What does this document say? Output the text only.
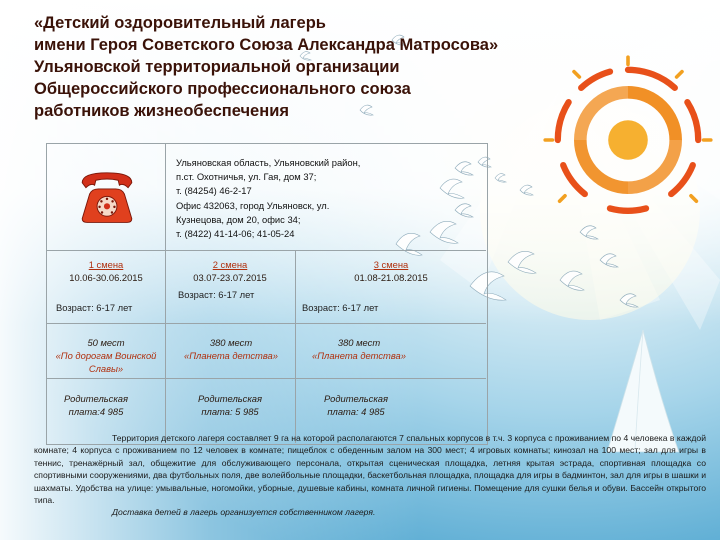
«Детский оздоровительный лагерь
имени Героя Советского Союза Александра Матросова»
Ульяновской территориальной организации
Общероссийского профессионального союза
работников жизнеобеспечения
Ульяновская область, Ульяновский район,
п.ст. Охотничья, ул. Гая, дом 37;
т. (84254) 46-2-17
Офис 432063, город Ульяновск, ул.
Кузнецова, дом 20, офис 34;
т. (8422) 41-14-06; 41-05-24
1 смена
10.06-30.06.2015
2 смена
03.07-23.07.2015
3 смена
01.08-21.08.2015
Возраст: 6-17 лет
Возраст: 6-17 лет	Возраст: 6-17 лет
50 мест
«По дорогам Воинской Славы»
380 мест
«Планета детства»
380 мест
«Планета детства»
Родительская плата:4 985
Родительская плата: 5 985
Родительская плата: 4 985

Территория детского лагеря составляет 9 га на которой располагаются 7 спальных корпусов в т.ч. 3 корпуса с проживанием по 4 человека в каждой комнате; 4 корпуса с проживанием по 12 человек в комнате; пищеблок с обеденным залом на 300 мест; 4 игровых комнаты; кинозал на 100 мест; зал для игры в теннис, тренажёрный зал, общежитие для обслуживающего персонала, открытая сценическая площадка, летняя крытая эстрада, спортивная площадка со спортивными сооружениями, два футбольных поля, две волейбольные площадки, баскетбольная площадка, площадка для игры в бадминтон, зал для игры в шашки и шахматы. Удобства на улице: умывальные, ногомойки, уборные, душевые кабины, комната личной гигиены. Помещение для сушки белья и обуви. Бассейн открытого типа.
Доставка детей в лагерь организуется собственником лагеря.
